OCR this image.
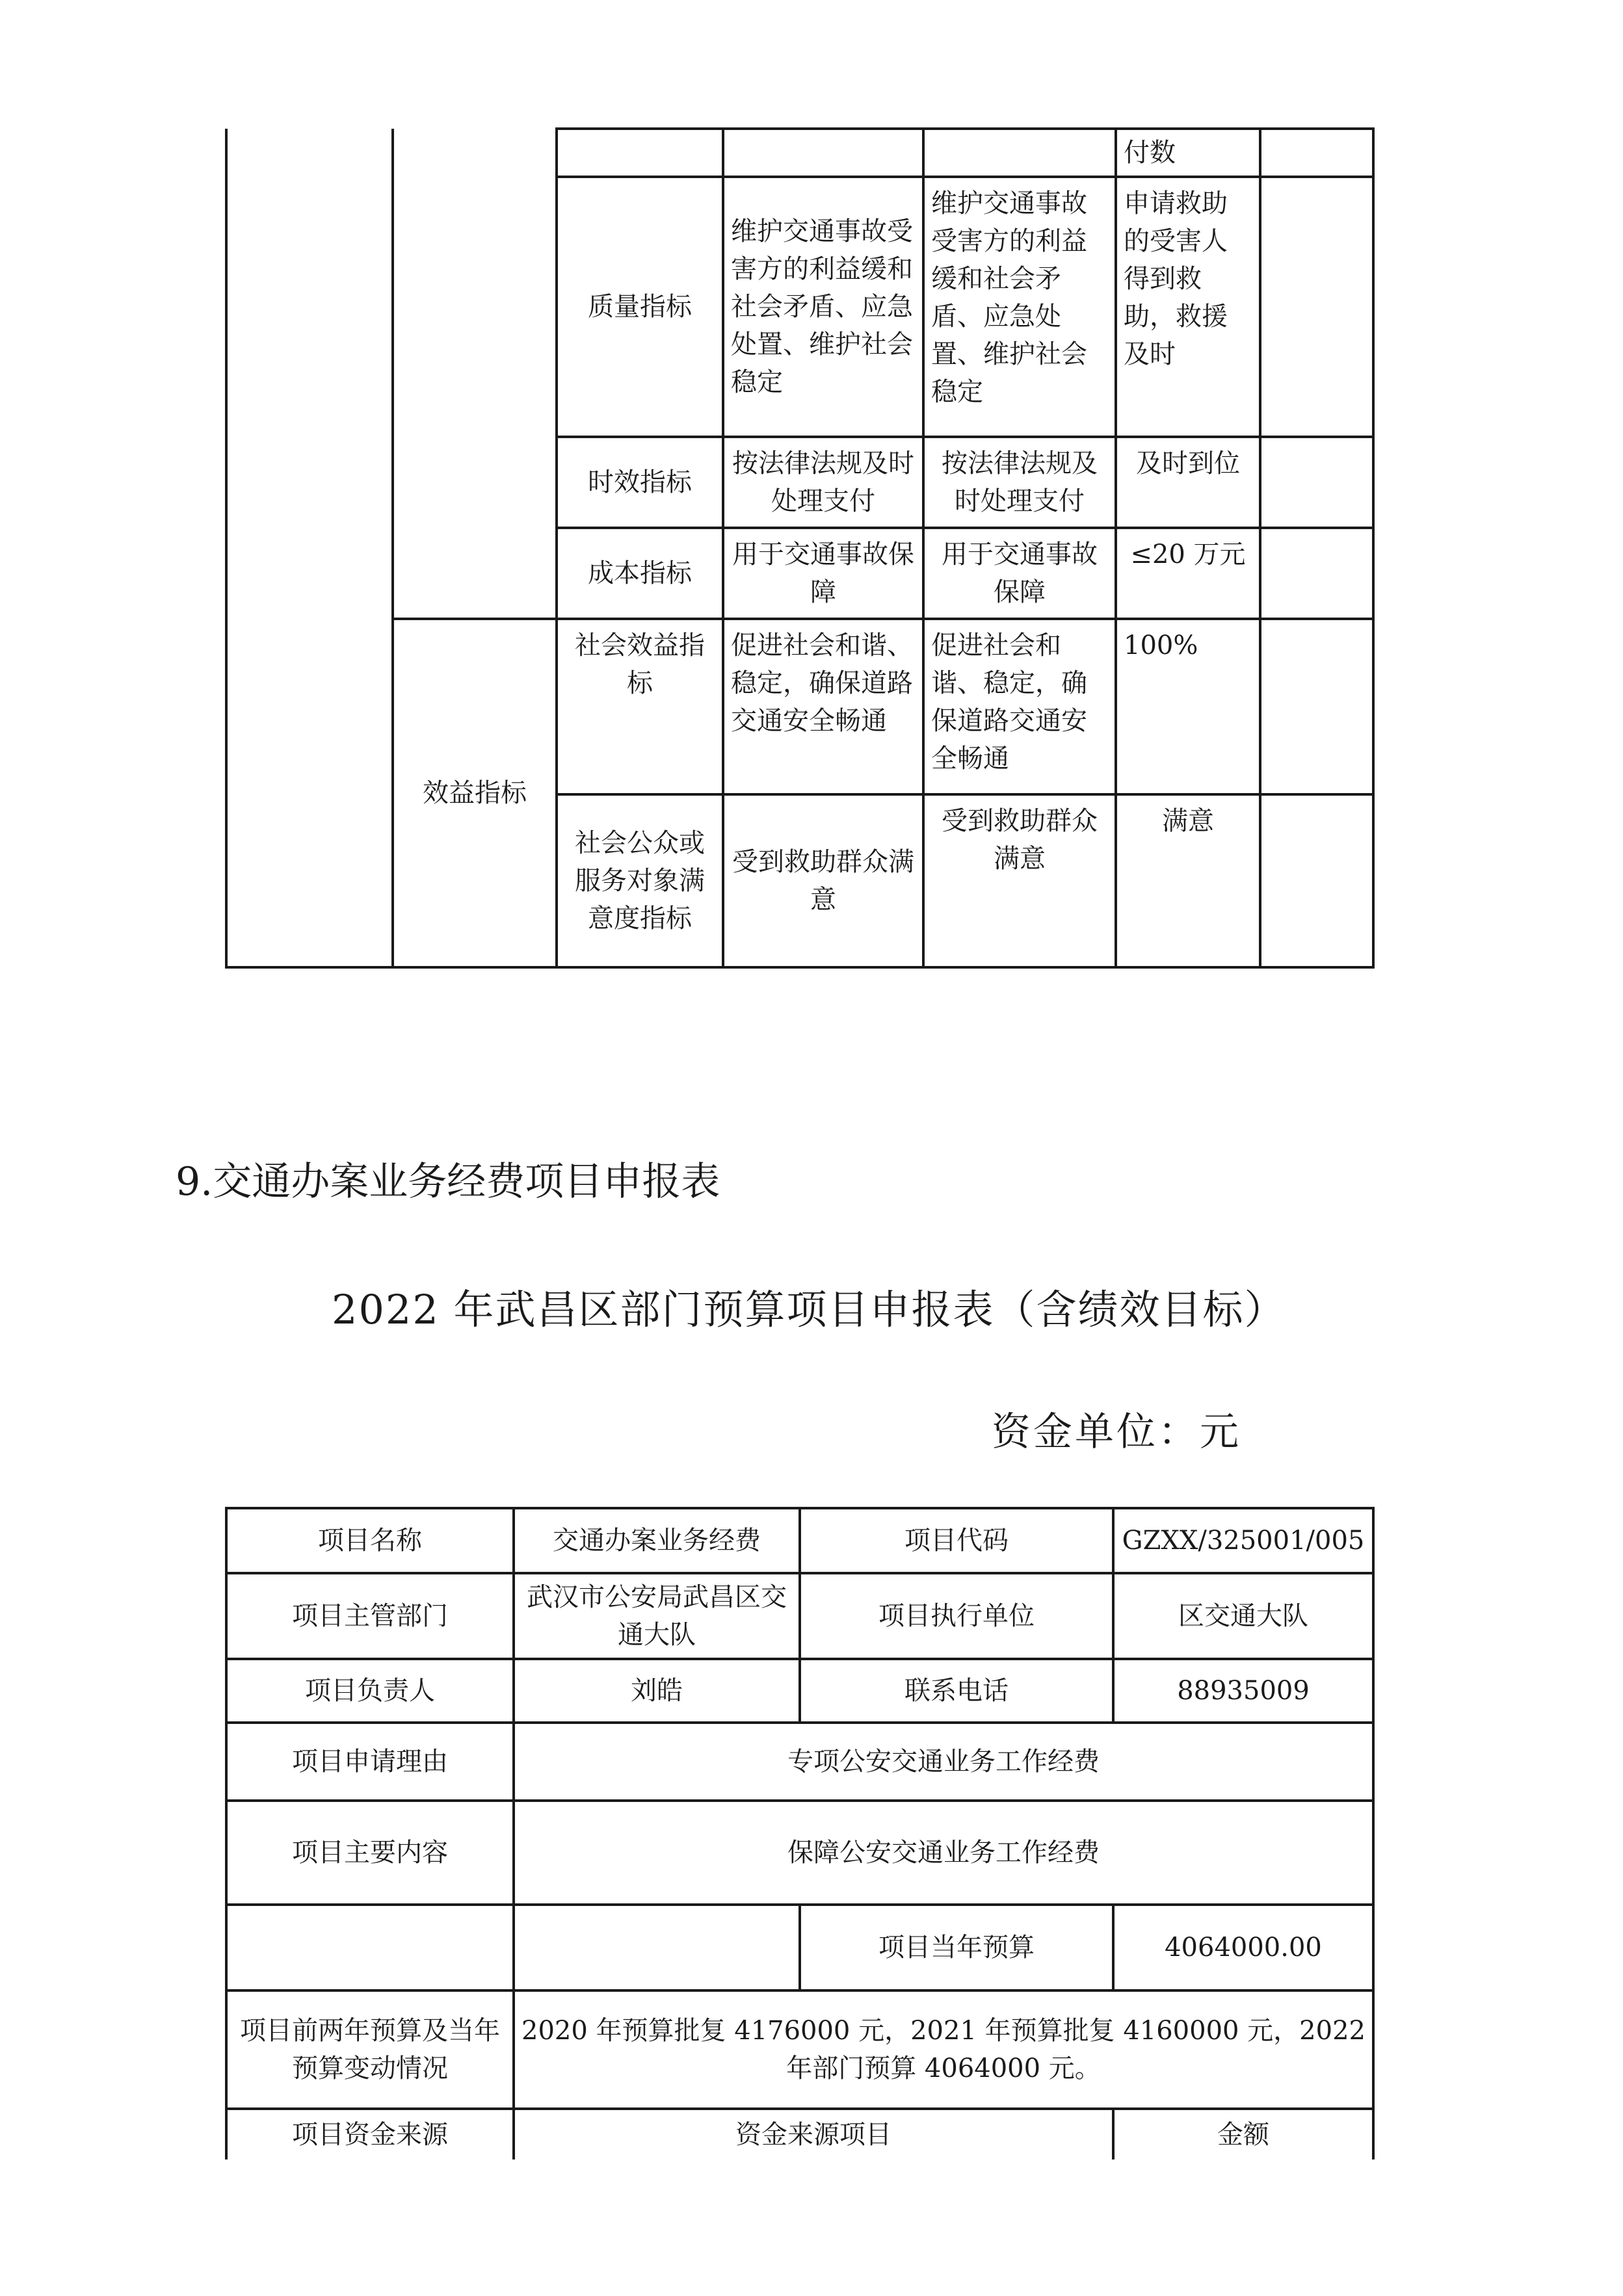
					付数	
		质量指标	维护交通事故受害方的利益缓和社会矛盾、应急处置、维护社会稳定	维护交通事故受害方的利益缓和社会矛盾、应急处置、维护社会稳定	申请救助的受害人得到救助，救援及时	
		时效指标	按法律法规及时处理支付	按法律法规及时处理支付	及时到位	
		成本指标	用于交通事故保障	用于交通事故保障	≤20 万元	
	效益指标	社会效益指标	促进社会和谐、稳定，确保道路交通安全畅通	促进社会和谐、稳定，确保道路交通安全畅通	100%	
		社会公众或服务对象满意度指标	受到救助群众满意	受到救助群众满意	满意	
9.交通办案业务经费项目申报表
2022 年武昌区部门预算项目申报表（含绩效目标）
资金单位：元
项目名称	交通办案业务经费	项目代码	GZXX/325001/005
项目主管部门	武汉市公安局武昌区交通大队	项目执行单位	区交通大队
项目负责人	刘皓	联系电话	88935009
项目申请理由	专项公安交通业务工作经费		
项目主要内容	保障公安交通业务工作经费		
		项目当年预算	4064000.00
项目前两年预算及当年预算变动情况	2020 年预算批复 4176000 元，2021 年预算批复 4160000 元，2022 年部门预算 4064000 元。		
项目资金来源	资金来源项目		金额
